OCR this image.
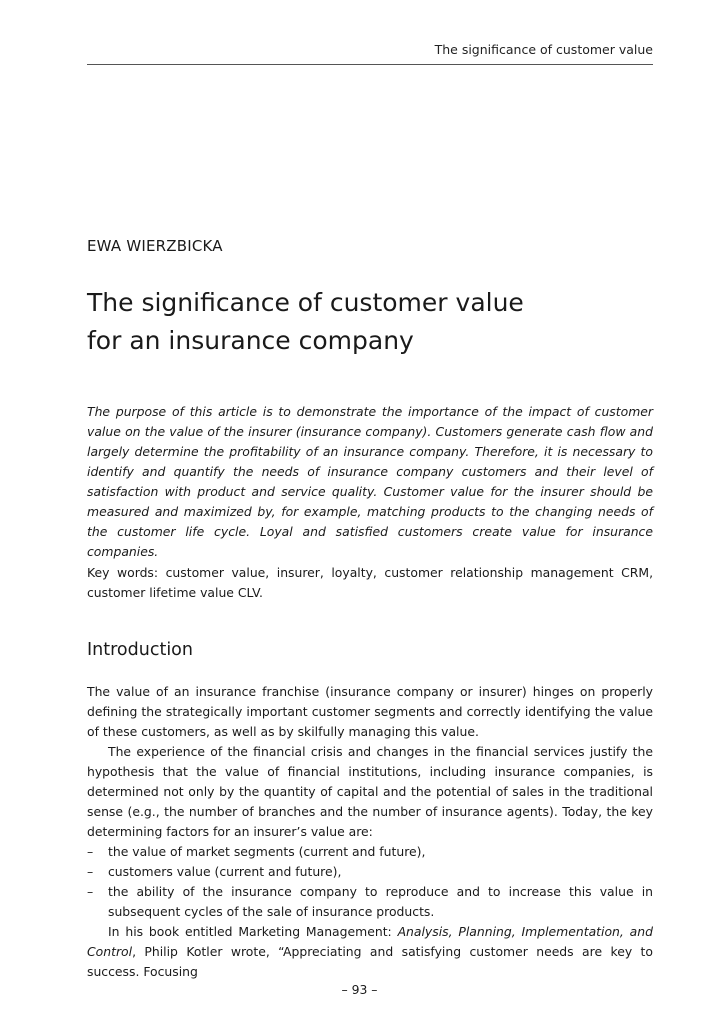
The significance of customer value
EWA WIERZBICKA
The significance of customer value
for an insurance company

The purpose of this article is to demonstrate the importance of the impact of customer value on the value of the insurer (insurance company). Customers generate cash flow and largely determine the profitability of an insurance company. Therefore, it is necessary to identify and quantify the needs of insurance company customers and their level of satisfaction with product and service quality. Customer value for the insurer should be measured and maximized by, for example, matching products to the changing needs of the customer life cycle. Loyal and satisfied customers create value for insurance companies.

Key words: customer value, insurer, loyalty, customer relationship management CRM, customer lifetime value CLV.

Introduction

The value of an insurance franchise (insurance company or insurer) hinges on properly defining the strategically important customer segments and correctly identifying the value of these customers, as well as by skilfully managing this value.

The experience of the financial crisis and changes in the financial services justify the hypothesis that the value of financial institutions, including insurance companies, is determined not only by the quantity of capital and the potential of sales in the traditional sense (e.g., the number of branches and the number of insurance agents). Today, the key determining factors for an insurer’s value are:

– the value of market segments (current and future),
– customers value (current and future),
– the ability of the insurance company to reproduce and to increase this value in subsequent cycles of the sale of insurance products.

In his book entitled Marketing Management: Analysis, Planning, Implementation, and Control, Philip Kotler wrote, “Appreciating and satisfying customer needs are key to success. Focusing

– 93 –
